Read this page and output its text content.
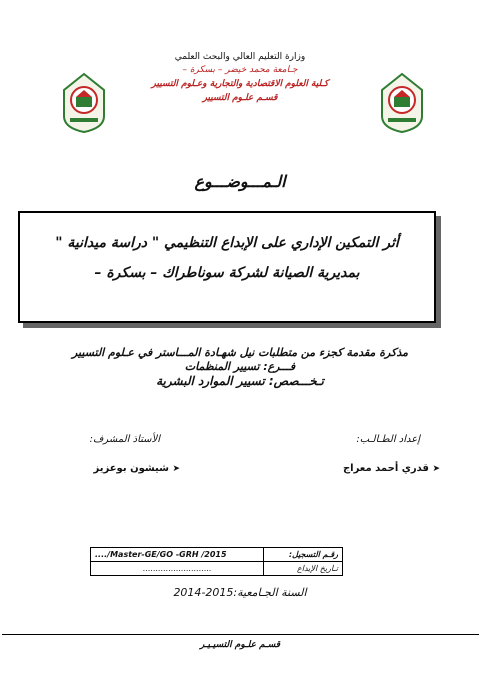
وزارة التعليم العالي والبحث العلمي
جـامعة محمد خيضر – بسكرة –
كـلية العلوم الاقتصادية والتجارية وعـلوم التسيير
قسـم علـوم التسيير
الـمـــوضـــوع
أثر التمكين الإداري على الإبداع التنظيمي " دراسة ميدانية "
بمديرية الصيانة لشركة سوناطراك – بسكرة –
مذكرة مقدمة كجزء من متطلبات نيل شهـادة المـــاستر في عـلوم التسيير
فـــرع: تسيير المنظمات
تـخـــصص: تسيير الموارد البشرية
إعداد الطـالـب:
الأستاذ المشرف:
➤ قدري أحمد معراج
➤ شيشون بوعزيز
..../Master-GE/GO -GRH /2015	رقـم التسجيل:
...........................	تـاريخ الإيداع
السنة الجـامعية:2015-2014
قسـم علـوم التسيـيـر
